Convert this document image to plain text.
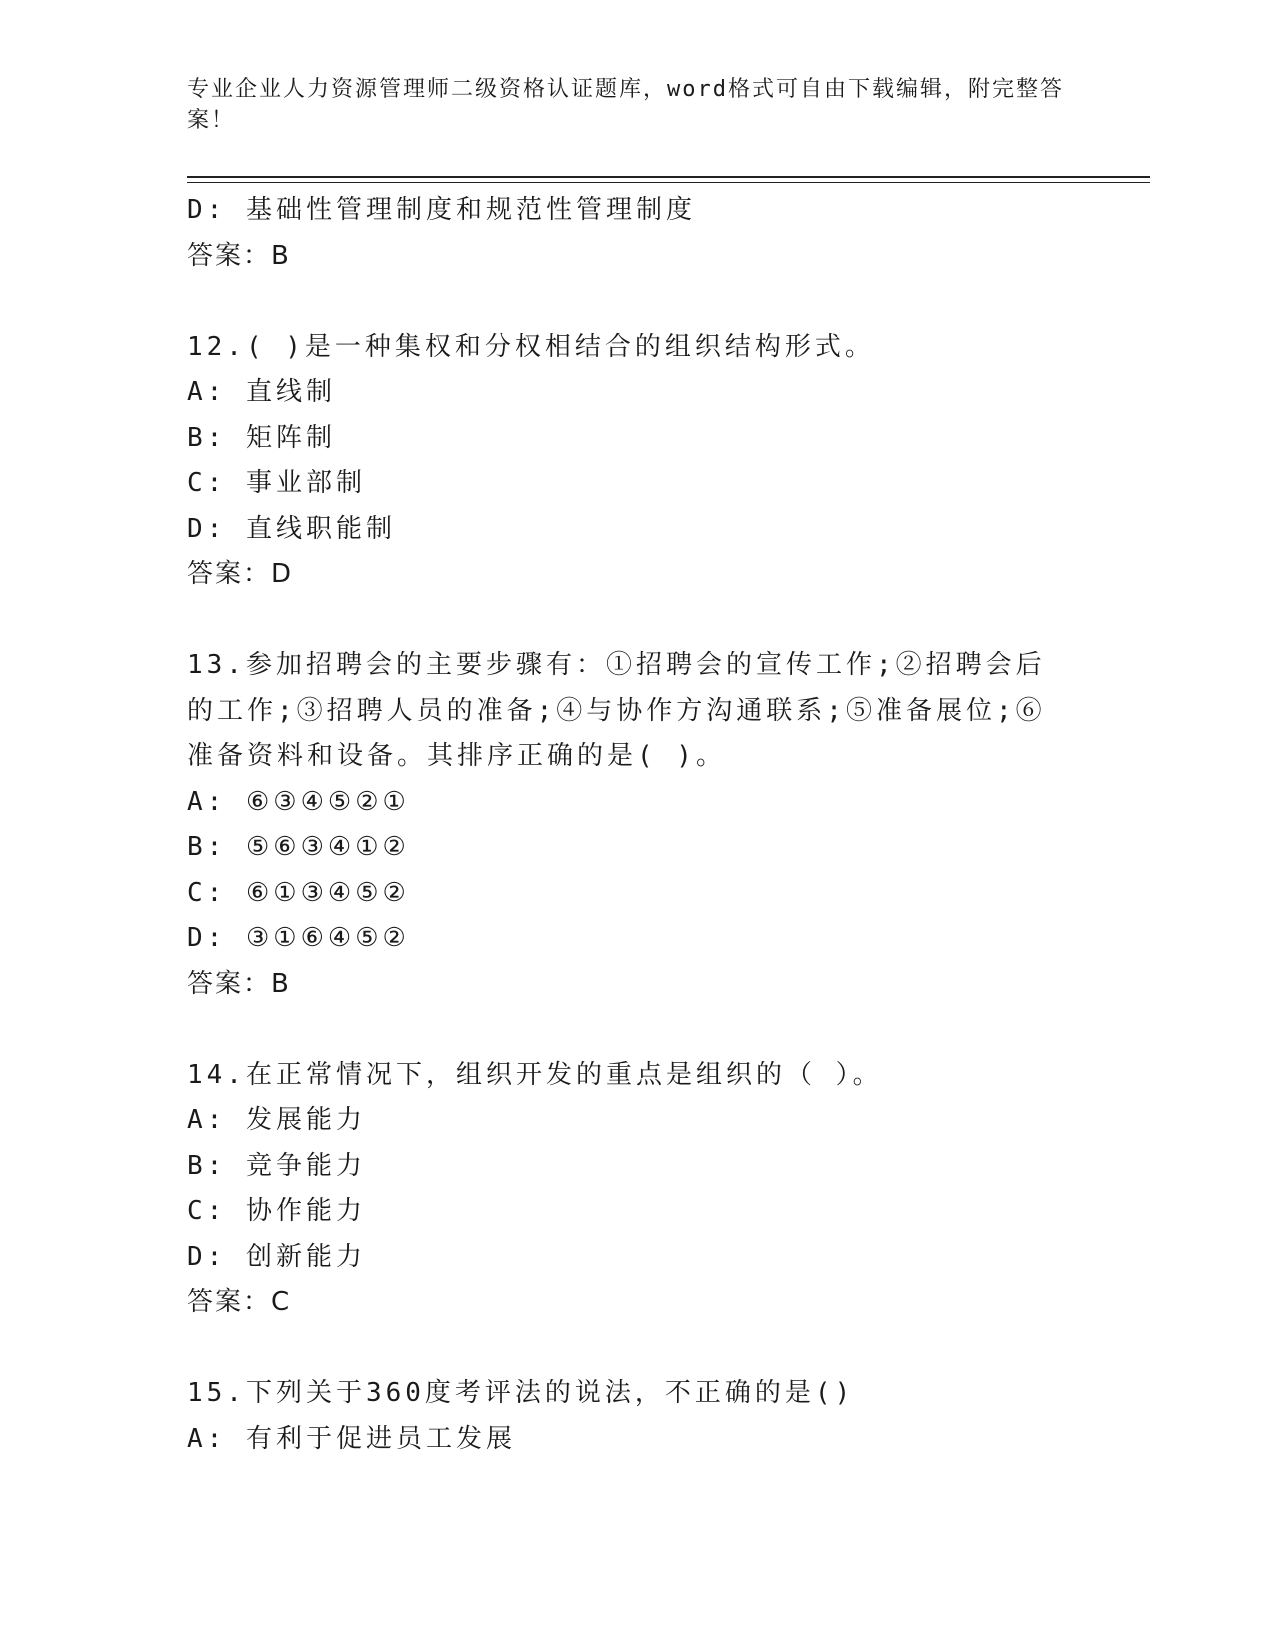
专业企业人力资源管理师二级资格认证题库，word格式可自由下载编辑，附完整答案！
D: 基础性管理制度和规范性管理制度
答案：B
12.( )是一种集权和分权相结合的组织结构形式。
A: 直线制
B: 矩阵制
C: 事业部制
D: 直线职能制
答案：D
13.参加招聘会的主要步骤有：①招聘会的宣传工作;②招聘会后的工作;③招聘人员的准备;④与协作方沟通联系;⑤准备展位;⑥准备资料和设备。其排序正确的是( )。
A: ⑥③④⑤②①
B: ⑤⑥③④①②
C: ⑥①③④⑤②
D: ③①⑥④⑤②
答案：B
14.在正常情况下，组织开发的重点是组织的（ ）。
A: 发展能力
B: 竞争能力
C: 协作能力
D: 创新能力
答案：C
15.下列关于360度考评法的说法，不正确的是()
A: 有利于促进员工发展
